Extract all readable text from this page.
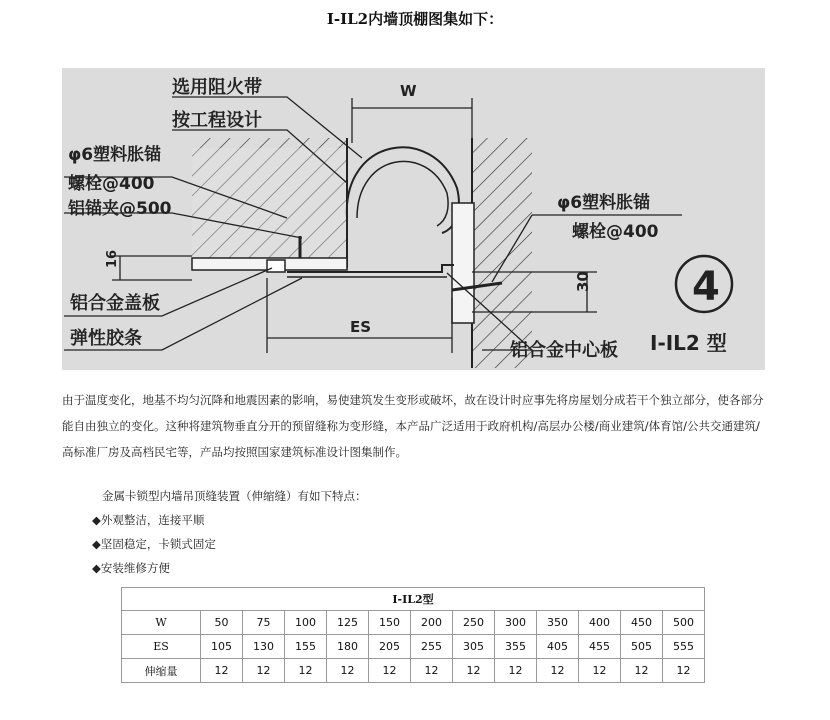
I-IL2内墙顶棚图集如下：
选用阻火带
按工程设计
φ6塑料胀锚
螺栓@400
铝锚夹@500	φ6塑料胀锚
螺栓@400
铝合金盖板
弹性胶条
铝合金中心板
W
ES
16
30	4
I-IL2 型
由于温度变化，地基不均匀沉降和地震因素的影响，易使建筑发生变形或破坏，故在设计时应事先将房屋划分成若干个独立部分，使各部分能自由独立的变化。这种将建筑物垂直分开的预留缝称为变形缝，本产品广泛适用于政府机构/高层办公楼/商业建筑/体育馆/公共交通建筑/高标准厂房及高档民宅等，产品均按照国家建筑标准设计图集制作。
金属卡锁型内墙吊顶缝装置（伸缩缝）有如下特点：
◆外观整洁，连接平顺
◆坚固稳定，卡锁式固定
◆安装维修方便
I-IL2型												
W	50	75	100	125	150	200	250	300	350	400	450	500
ES	105	130	155	180	205	255	305	355	405	455	505	555
伸缩量	12	12	12	12	12	12	12	12	12	12	12	12
